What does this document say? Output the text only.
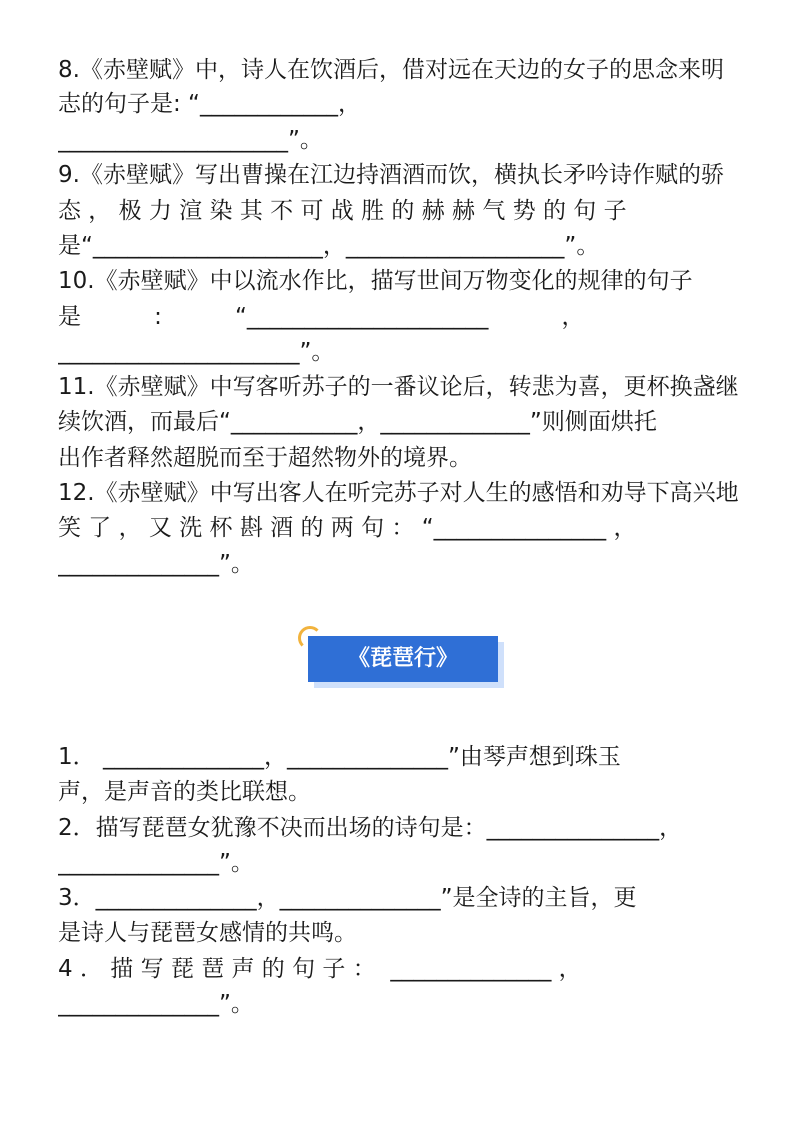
8.《赤壁赋》中，诗人在饮酒后，借对远在天边的女子的思念来明
志的句子是: “____________，
____________________”。
9.《赤壁赋》写出曹操在江边持酒酒而饮，横执长矛吟诗作赋的骄
态 ， 极 力 渲 染 其 不 可 战 胜 的 赫 赫 气 势 的 句 子
是“____________________，___________________”。
10.《赤壁赋》中以流水作比，描写世间万物变化的规律的句子
是          :          “_____________________          ，
_____________________”。
11.《赤壁赋》中写客听苏子的一番议论后，转悲为喜，更杯换盏继
续饮酒，而最后“___________，_____________”则侧面烘托
出作者释然超脱而至于超然物外的境界。
12.《赤壁赋》中写出客人在听完苏子对人生的感悟和劝导下高兴地
笑 了 ， 又 洗 杯 斟 酒 的 两 句 ： “_______________ ，
______________”。
《琵琶行》
1． ______________，______________”由琴声想到珠玉
声，是声音的类比联想。
2．描写琵琶女犹豫不决而出场的诗句是：_______________，
______________”。
3．______________，______________”是全诗的主旨，更
是诗人与琵琶女感情的共鸣。
4 ． 描 写 琵 琶 声 的 句 子 ：  ______________ ，
______________”。
